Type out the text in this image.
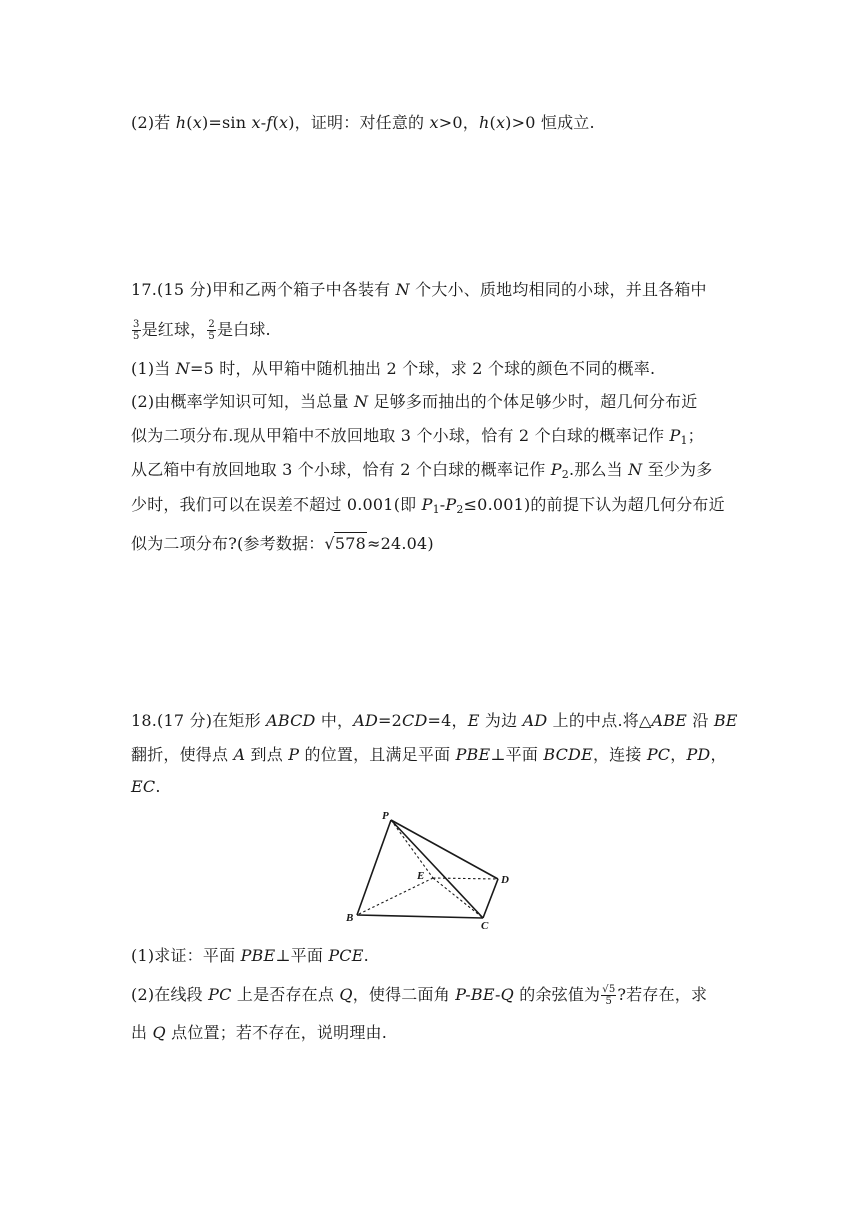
(2)若 h(x)=sin x-f(x)，证明：对任意的 x>0，h(x)>0 恒成立.
17.(15 分)甲和乙两个箱子中各装有 N 个大小、质地均相同的小球，并且各箱中
$\frac{3}{5}$ 是红球， $\frac{2}{5}$ 是白球.
(1)当 N=5 时，从甲箱中随机抽出 2 个球，求 2 个球的颜色不同的概率.
(2)由概率学知识可知，当总量 N 足够多而抽出的个体足够少时，超几何分布近
似为二项分布.现从甲箱中不放回地取 3 个小球，恰有 2 个白球的概率记作 $P_1$；
从乙箱中有放回地取 3 个小球，恰有 2 个白球的概率记作 $P_2$.那么当 N 至少为多
少时，我们可以在误差不超过 0.001(即 $P_1-P_2\le 0.001$)的前提下认为超几何分布近
似为二项分布?(参考数据：√578≈24.04)
18.(17 分)在矩形 ABCD 中，AD=2CD=4，E 为边 AD 上的中点.将△ABE 沿 BE
翻折，使得点 A 到点 P 的位置，且满足平面 PBE⊥平面 BCDE，连接 PC，PD，
EC.
P
E	D
B
C
(1)求证：平面 PBE⊥平面 PCE.
(2)在线段 PC 上是否存在点 Q，使得二面角 P-BE-Q 的余弦值为 $\frac{√5}{5}$ ?若存在，求
出 Q 点位置；若不存在，说明理由.
